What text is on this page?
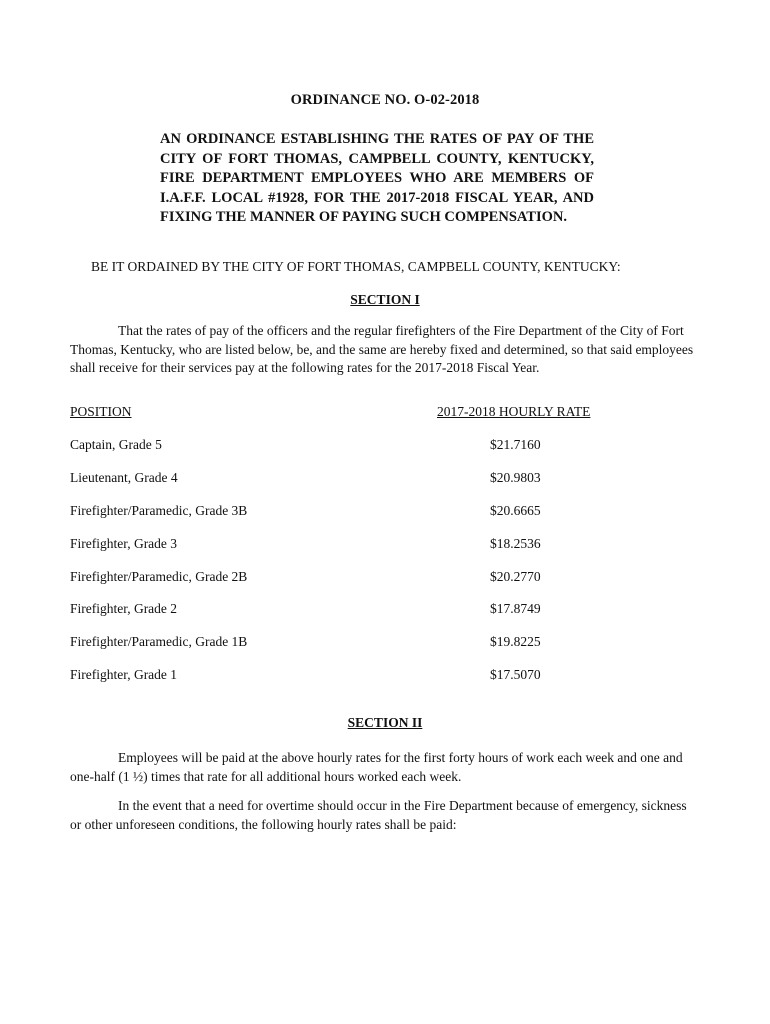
ORDINANCE NO. O-02-2018
AN ORDINANCE ESTABLISHING THE RATES OF PAY OF THE CITY OF FORT THOMAS, CAMPBELL COUNTY, KENTUCKY, FIRE DEPARTMENT EMPLOYEES WHO ARE MEMBERS OF I.A.F.F. LOCAL #1928, FOR THE 2017-2018 FISCAL YEAR, AND FIXING THE MANNER OF PAYING SUCH COMPENSATION.
BE IT ORDAINED BY THE CITY OF FORT THOMAS, CAMPBELL COUNTY, KENTUCKY:
SECTION I
That the rates of pay of the officers and the regular firefighters of the Fire Department of the City of Fort Thomas, Kentucky, who are listed below, be, and the same are hereby fixed and determined, so that said employees shall receive for their services pay at the following rates for the 2017-2018 Fiscal Year.
POSITION	2017-2018 HOURLY RATE
Captain, Grade 5	$21.7160
Lieutenant, Grade 4	$20.9803
Firefighter/Paramedic, Grade 3B	$20.6665
Firefighter, Grade 3	$18.2536
Firefighter/Paramedic, Grade 2B	$20.2770
Firefighter, Grade 2	$17.8749
Firefighter/Paramedic, Grade 1B	$19.8225
Firefighter, Grade 1	$17.5070
SECTION II
Employees will be paid at the above hourly rates for the first forty hours of work each week and one and one-half (1 ½) times that rate for all additional hours worked each week.
In the event that a need for overtime should occur in the Fire Department because of emergency, sickness or other unforeseen conditions, the following hourly rates shall be paid:
